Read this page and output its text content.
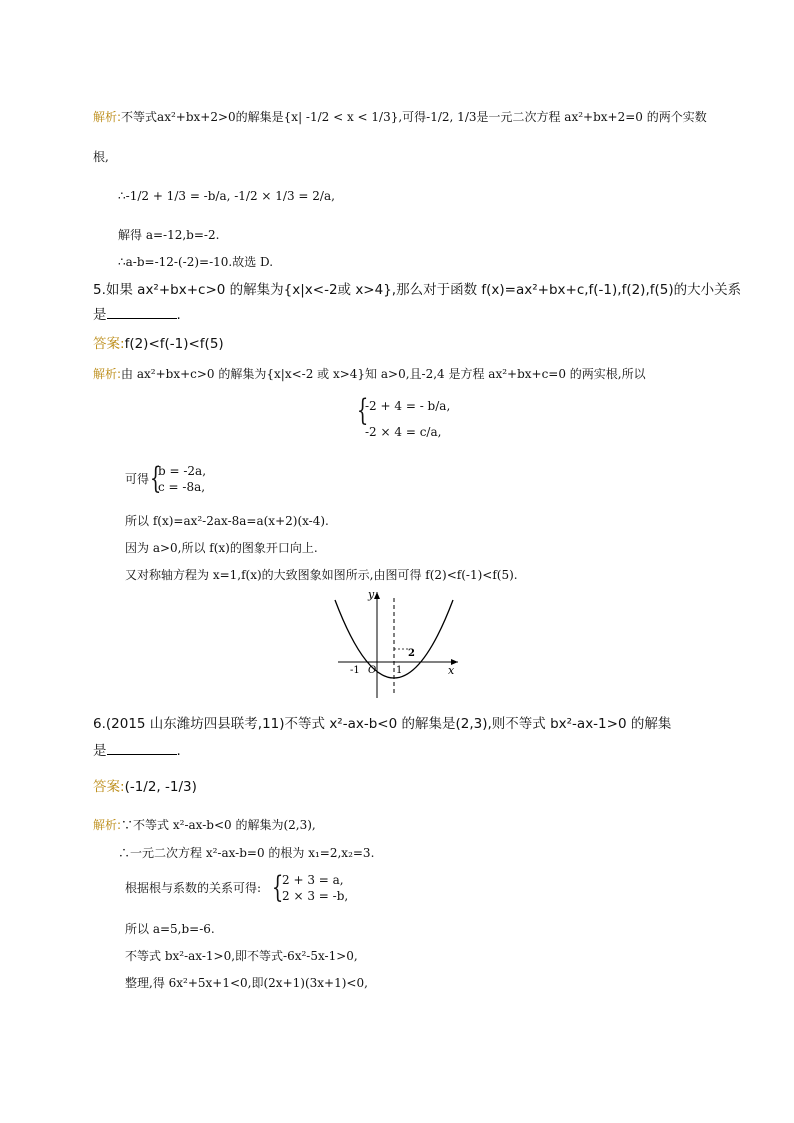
解析:不等式ax²+bx+2>0的解集是{x| -1/2 < x < 1/3},可得-1/2, 1/3是一元二次方程 ax²+bx+2=0 的两个实数
根,
∴-1/2 + 1/3 = -b/a, -1/2 × 1/3 = 2/a,
解得 a=-12,b=-2.
∴a-b=-12-(-2)=-10.故选 D.
5.如果 ax²+bx+c>0 的解集为{x|x<-2或 x>4},那么对于函数 f(x)=ax²+bx+c,f(-1),f(2),f(5)的大小关系
是	.
答案:f(2)<f(-1)<f(5)
解析:由 ax²+bx+c>0 的解集为{x|x<-2 或 x>4}知 a>0,且-2,4 是方程 ax²+bx+c=0 的两实根,所以
{
-2 + 4 = - b/a,
-2 × 4 = c/a,
可得 {
b = -2a,
c = -8a,
所以 f(x)=ax²-2ax-8a=a(x+2)(x-4).
因为 a>0,所以 f(x)的图象开口向上.
又对称轴方程为 x=1,f(x)的大致图象如图所示,由图可得 f(2)<f(-1)<f(5).
y
x
O
-1	1
2
6.(2015 山东潍坊四县联考,11)不等式 x²-ax-b<0 的解集是(2,3),则不等式 bx²-ax-1>0 的解集
是	.
答案:(-1/2, -1/3)
解析:∵不等式 x²-ax-b<0 的解集为(2,3),
∴一元二次方程 x²-ax-b=0 的根为 x₁=2,x₂=3.
根据根与系数的关系可得: {
2 + 3 = a,
2 × 3 = -b,
所以 a=5,b=-6.
不等式 bx²-ax-1>0,即不等式-6x²-5x-1>0,
整理,得 6x²+5x+1<0,即(2x+1)(3x+1)<0,
